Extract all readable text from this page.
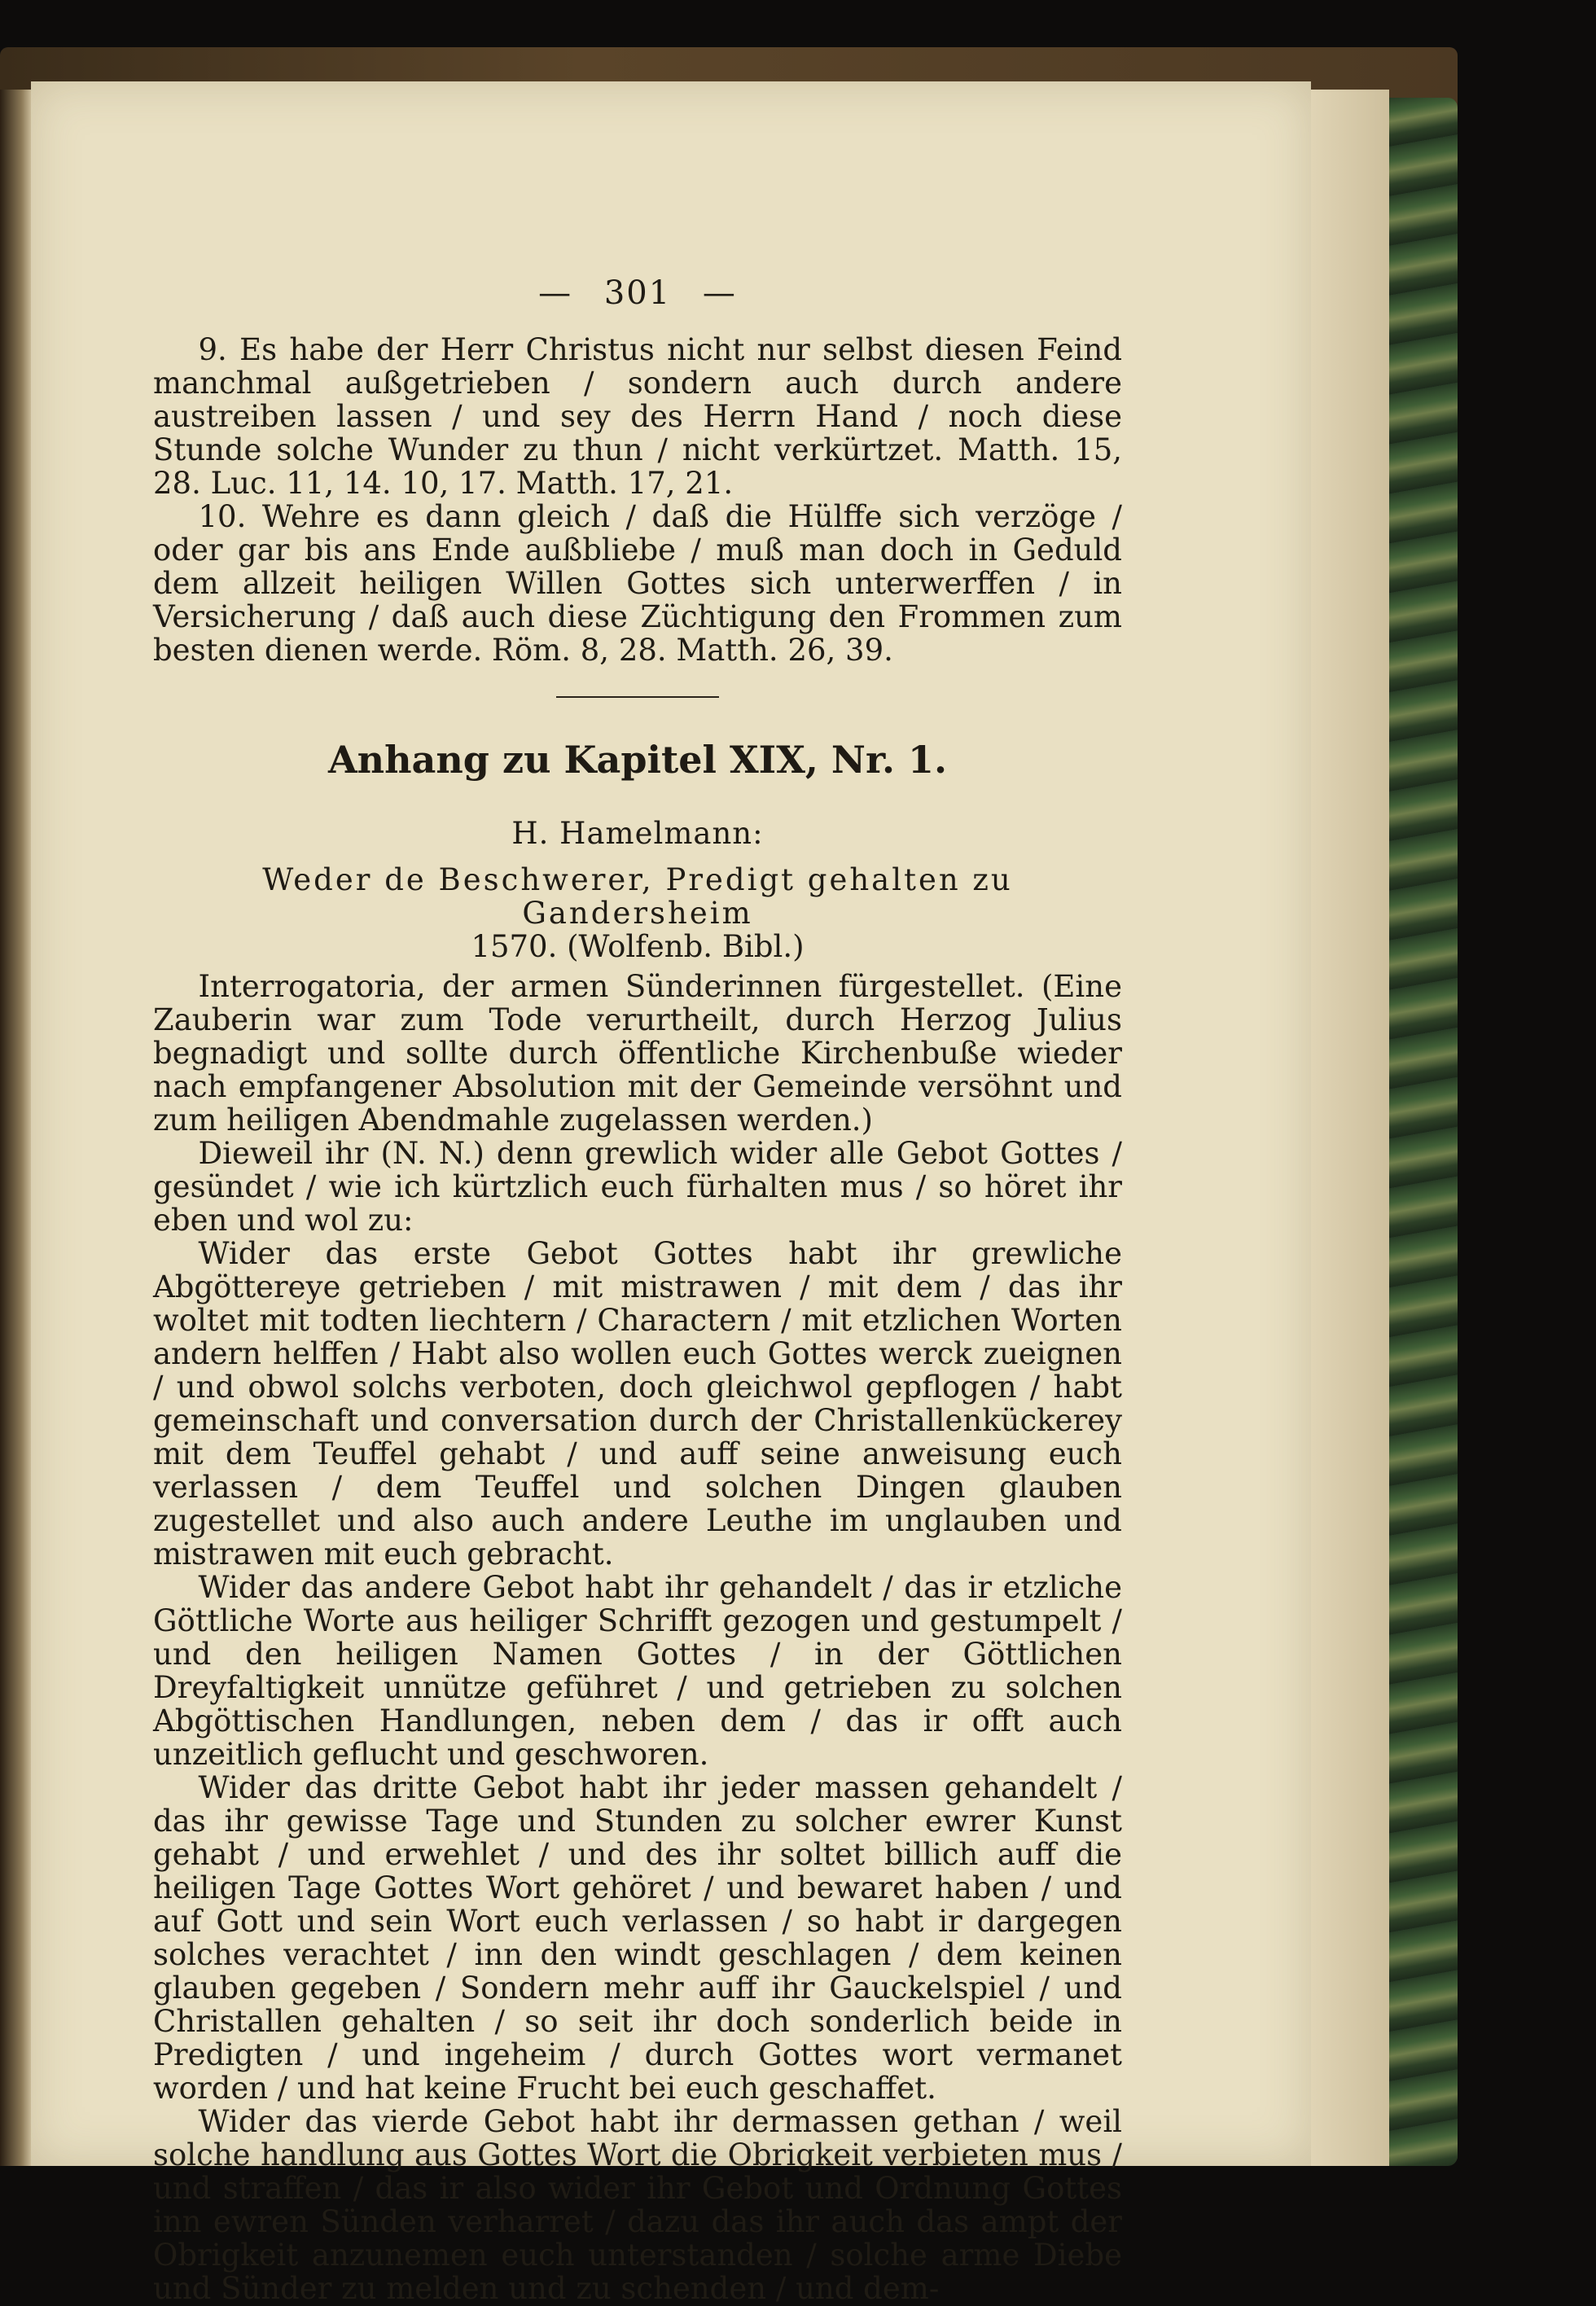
— 301 —

9. Es habe der Herr Christus nicht nur selbst diesen Feind manchmal außgetrieben / sondern auch durch andere austreiben lassen / und sey des Herrn Hand / noch diese Stunde solche Wunder zu thun / nicht verkürtzet. Matth. 15, 28. Luc. 11, 14. 10, 17. Matth. 17, 21.

10. Wehre es dann gleich / daß die Hülffe sich verzöge / oder gar bis ans Ende außbliebe / muß man doch in Geduld dem allzeit heiligen Willen Gottes sich unterwerffen / in Versicherung / daß auch diese Züchtigung den Frommen zum besten dienen werde. Röm. 8, 28. Matth. 26, 39.

Anhang zu Kapitel XIX, Nr. 1.
H. Hamelmann:
Weder de Beschwerer, Predigt gehalten zu Gandersheim
1570. (Wolfenb. Bibl.)

Interrogatoria, der armen Sünderinnen fürgestellet. (Eine Zauberin war zum Tode verurtheilt, durch Herzog Julius begnadigt und sollte durch öffentliche Kirchenbuße wieder nach empfangener Absolution mit der Gemeinde versöhnt und zum heiligen Abendmahle zugelassen werden.)

Dieweil ihr (N. N.) denn grewlich wider alle Gebot Gottes / gesündet / wie ich kürtzlich euch fürhalten mus / so höret ihr eben und wol zu:

Wider das erste Gebot Gottes habt ihr grewliche Abgöttereye getrieben / mit mistrawen / mit dem / das ihr woltet mit todten liechtern / Charactern / mit etzlichen Worten andern helffen / Habt also wollen euch Gottes werck zueignen / und obwol solchs verboten, doch gleichwol gepflogen / habt gemeinschaft und conversation durch der Christallenkückerey mit dem Teuffel gehabt / und auff seine anweisung euch verlassen / dem Teuffel und solchen Dingen glauben zugestellet und also auch andere Leuthe im unglauben und mistrawen mit euch gebracht.

Wider das andere Gebot habt ihr gehandelt / das ir etzliche Göttliche Worte aus heiliger Schrifft gezogen und gestumpelt / und den heiligen Namen Gottes / in der Göttlichen Dreyfaltigkeit unnütze geführet / und getrieben zu solchen Abgöttischen Handlungen, neben dem / das ir offt auch unzeitlich geflucht und geschworen.

Wider das dritte Gebot habt ihr jeder massen gehandelt / das ihr gewisse Tage und Stunden zu solcher ewrer Kunst gehabt / und erwehlet / und des ihr soltet billich auff die heiligen Tage Gottes Wort gehöret / und bewaret haben / und auf Gott und sein Wort euch verlassen / so habt ir dargegen solches verachtet / inn den windt geschlagen / dem keinen glauben gegeben / Sondern mehr auff ihr Gauckelspiel / und Christallen gehalten / so seit ihr doch sonderlich beide in Predigten / und ingeheim / durch Gottes wort vermanet worden / und hat keine Frucht bei euch geschaffet.

Wider das vierde Gebot habt ihr dermassen gethan / weil solche handlung aus Gottes Wort die Obrigkeit verbieten mus / und straffen / das ir also wider ihr Gebot und Ordnung Gottes inn ewren Sünden verharret / dazu das ihr auch das ampt der Obrigkeit anzunemen euch unterstanden / solche arme Diebe und Sünder zu melden und zu schenden / und dem-
